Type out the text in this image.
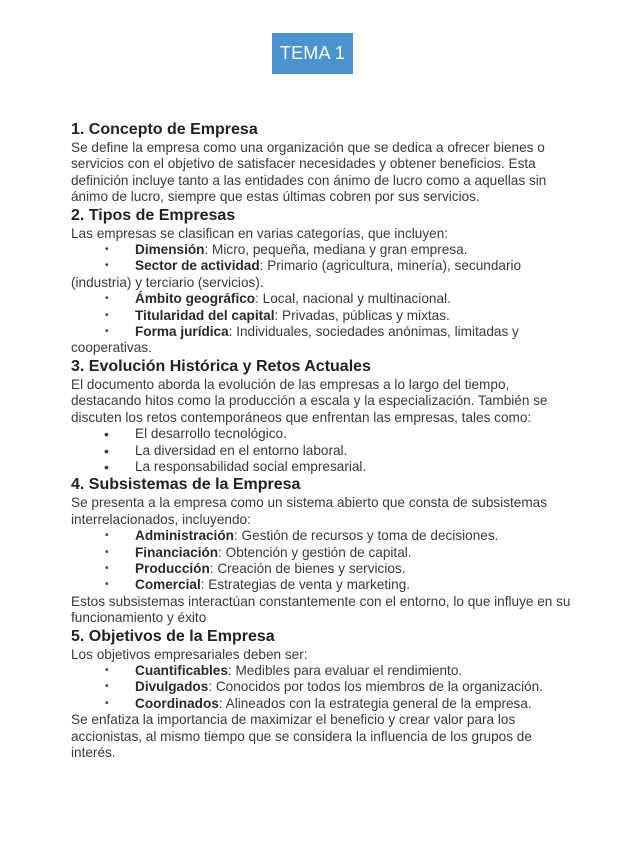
TEMA 1
1. Concepto de Empresa

Se define la empresa como una organización que se dedica a ofrecer bienes o servicios con el objetivo de satisfacer necesidades y obtener beneficios. Esta definición incluye tanto a las entidades con ánimo de lucro como a aquellas sin ánimo de lucro, siempre que estas últimas cobren por sus servicios.

2. Tipos de Empresas

Las empresas se clasifican en varias categorías, que incluyen:

• Dimensión: Micro, pequeña, mediana y gran empresa.
• Sector de actividad: Primario (agricultura, minería), secundario (industria) y terciario (servicios).
• Ámbito geográfico: Local, nacional y multinacional.
• Titularidad del capital: Privadas, públicas y mixtas.
• Forma jurídica: Individuales, sociedades anónimas, limitadas y cooperativas.
3. Evolución Histórica y Retos Actuales

El documento aborda la evolución de las empresas a lo largo del tiempo, destacando hitos como la producción a escala y la especialización. También se discuten los retos contemporáneos que enfrentan las empresas, tales como:

• El desarrollo tecnológico.
• La diversidad en el entorno laboral.
• La responsabilidad social empresarial.
4. Subsistemas de la Empresa

Se presenta a la empresa como un sistema abierto que consta de subsistemas interrelacionados, incluyendo:

• Administración: Gestión de recursos y toma de decisiones.
• Financiación: Obtención y gestión de capital.
• Producción: Creación de bienes y servicios.
• Comercial: Estrategias de venta y marketing.

Estos subsistemas interactúan constantemente con el entorno, lo que influye en su funcionamiento y éxito

5. Objetivos de la Empresa

Los objetivos empresariales deben ser:

• Cuantificables: Medibles para evaluar el rendimiento.
• Divulgados: Conocidos por todos los miembros de la organización.
• Coordinados: Alineados con la estrategia general de la empresa.

Se enfatiza la importancia de maximizar el beneficio y crear valor para los accionistas, al mismo tiempo que se considera la influencia de los grupos de interés.
